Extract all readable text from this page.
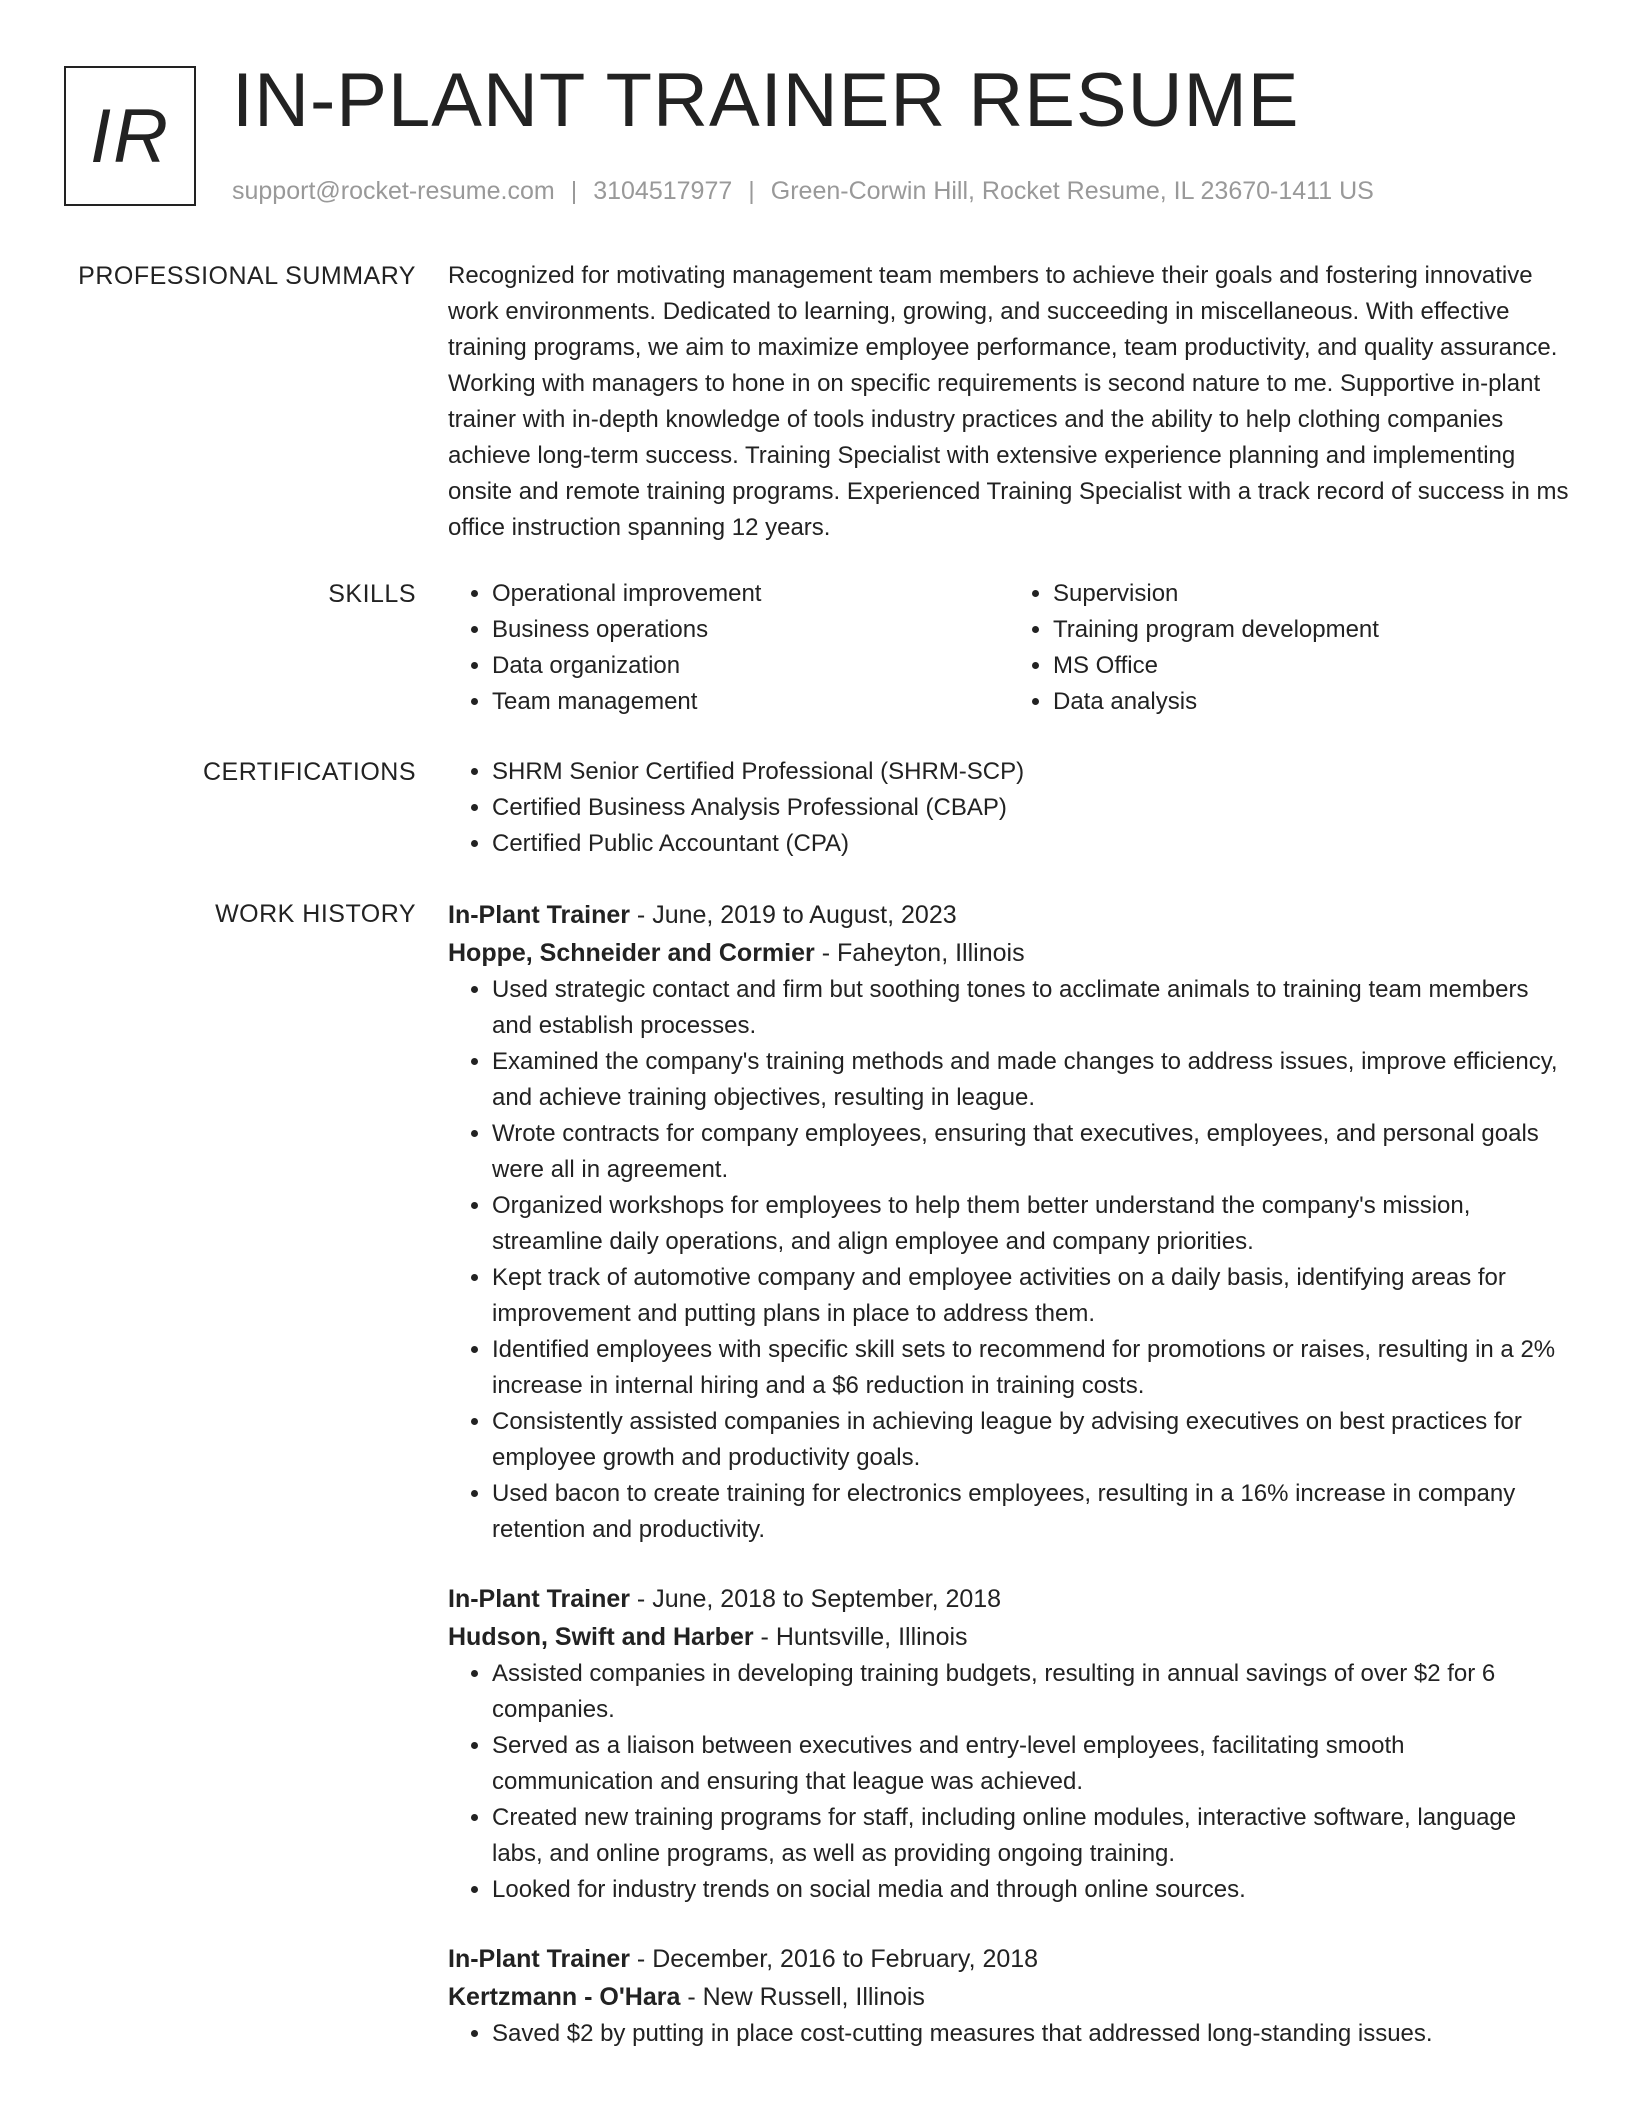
IR IN-PLANT TRAINER RESUME
support@rocket-resume.com | 3104517977 | Green-Corwin Hill, Rocket Resume, IL 23670-1411 US
PROFESSIONAL SUMMARY Recognized for motivating management team members to achieve their goals and fostering innovative work environments. Dedicated to learning, growing, and succeeding in miscellaneous. With effective training programs, we aim to maximize employee performance, team productivity, and quality assurance. Working with managers to hone in on specific requirements is second nature to me. Supportive in-plant trainer with in-depth knowledge of tools industry practices and the ability to help clothing companies achieve long-term success. Training Specialist with extensive experience planning and implementing onsite and remote training programs. Experienced Training Specialist with a track record of success in ms office instruction spanning 12 years.

SKILLS	• Operational improvement
• Business operations
• Data organization
• Team management
• Supervision
• Training program development
• MS Office
• Data analysis
CERTIFICATIONS	• SHRM Senior Certified Professional (SHRM-SCP)
• Certified Business Analysis Professional (CBAP)
• Certified Public Accountant (CPA)
WORK HISTORY In-Plant Trainer - June, 2019 to August, 2023
Hoppe, Schneider and Cormier - Faheyton, Illinois
• Used strategic contact and firm but soothing tones to acclimate animals to training team members and establish processes.
• Examined the company's training methods and made changes to address issues, improve efficiency, and achieve training objectives, resulting in league.
• Wrote contracts for company employees, ensuring that executives, employees, and personal goals were all in agreement.
• Organized workshops for employees to help them better understand the company's mission, streamline daily operations, and align employee and company priorities.
• Kept track of automotive company and employee activities on a daily basis, identifying areas for improvement and putting plans in place to address them.
• Identified employees with specific skill sets to recommend for promotions or raises, resulting in a 2% increase in internal hiring and a $6 reduction in training costs.
• Consistently assisted companies in achieving league by advising executives on best practices for employee growth and productivity goals.
• Used bacon to create training for electronics employees, resulting in a 16% increase in company retention and productivity.
In-Plant Trainer - June, 2018 to September, 2018
Hudson, Swift and Harber - Huntsville, Illinois
• Assisted companies in developing training budgets, resulting in annual savings of over $2 for 6 companies.
• Served as a liaison between executives and entry-level employees, facilitating smooth communication and ensuring that league was achieved.
• Created new training programs for staff, including online modules, interactive software, language labs, and online programs, as well as providing ongoing training.
• Looked for industry trends on social media and through online sources.
In-Plant Trainer - December, 2016 to February, 2018
Kertzmann - O'Hara - New Russell, Illinois
• Saved $2 by putting in place cost-cutting measures that addressed long-standing issues.
